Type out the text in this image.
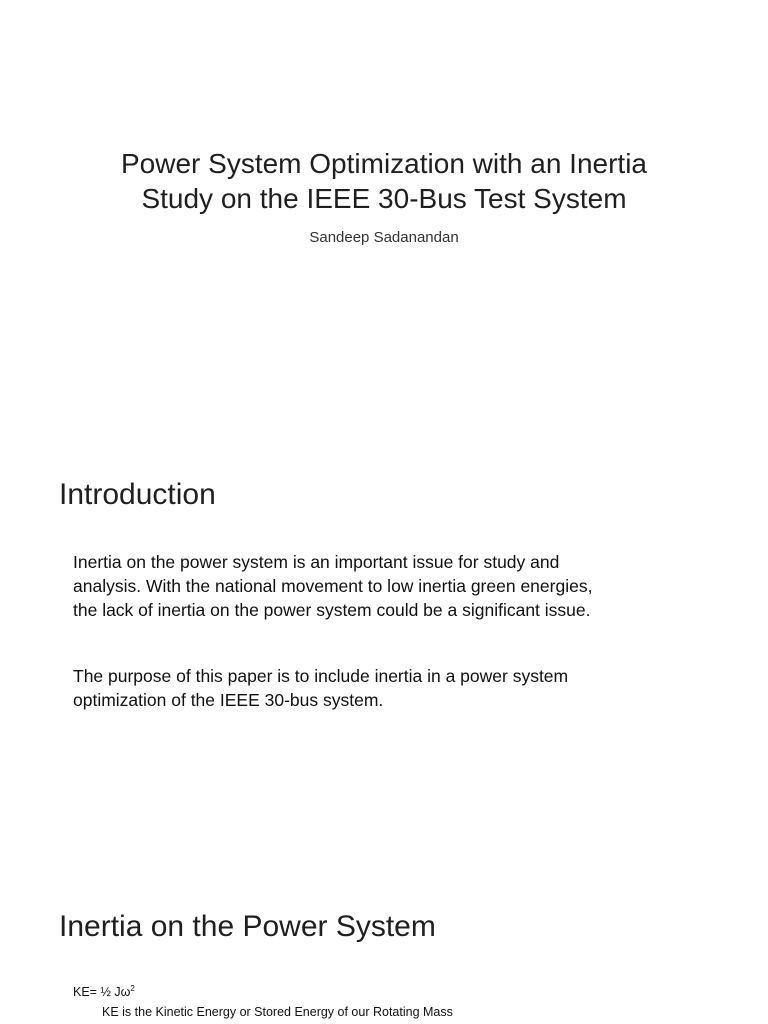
Power System Optimization with an Inertia
Study on the IEEE 30-Bus Test System
Sandeep Sadanandan
Introduction

Inertia on the power system is an important issue for study and
analysis. With the national movement to low inertia green energies,
the lack of inertia on the power system could be a significant issue.

The purpose of this paper is to include inertia in a power system
optimization of the IEEE 30-bus system.

Inertia on the Power System
KE= ½ $J\omega^2$
KE is the Kinetic Energy or Stored Energy of our Rotating Mass
